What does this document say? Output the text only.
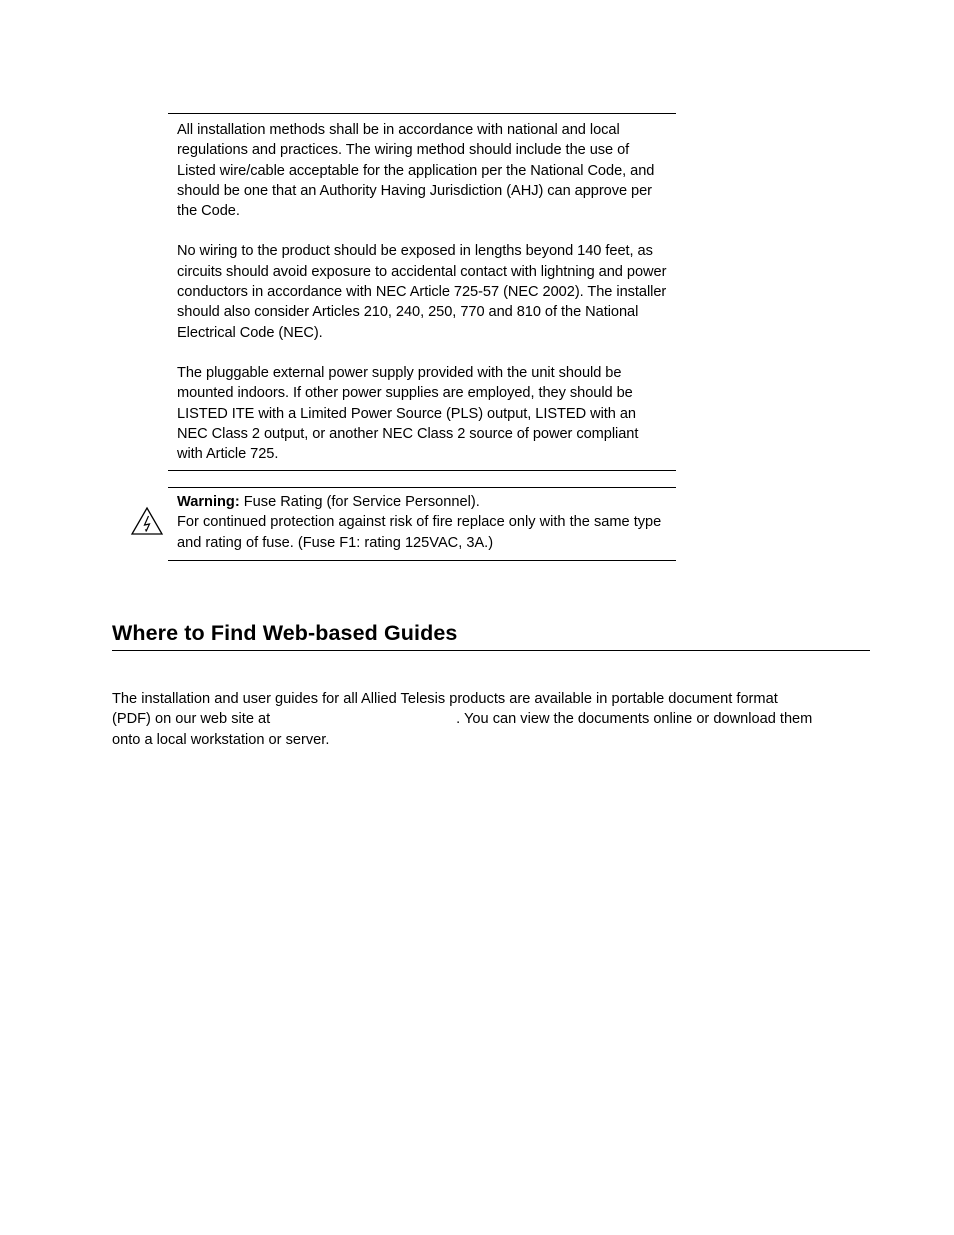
All installation methods shall be in accordance with national and local regulations and practices. The wiring method should include the use of Listed wire/cable acceptable for the application per the National Code, and should be one that an Authority Having Jurisdiction (AHJ) can approve per the Code.

No wiring to the product should be exposed in lengths beyond 140 feet, as circuits should avoid exposure to accidental contact with lightning and power conductors in accordance with NEC Article 725-57 (NEC 2002). The installer should also consider Articles 210, 240, 250, 770 and 810 of the National Electrical Code (NEC).

The pluggable external power supply provided with the unit should be mounted indoors. If other power supplies are employed, they should be LISTED ITE with a Limited Power Source (PLS) output, LISTED with an NEC Class 2 output, or another NEC Class 2 source of power compliant with Article 725.

Warning: Fuse Rating (for Service Personnel).
For continued protection against risk of fire replace only with the same type and rating of fuse. (Fuse F1: rating 125VAC, 3A.)
Where to Find Web-based Guides

The installation and user guides for all Allied Telesis products are available in portable document format
(PDF) on our web site at	. You can view the documents online or download them
onto a local workstation or server.
